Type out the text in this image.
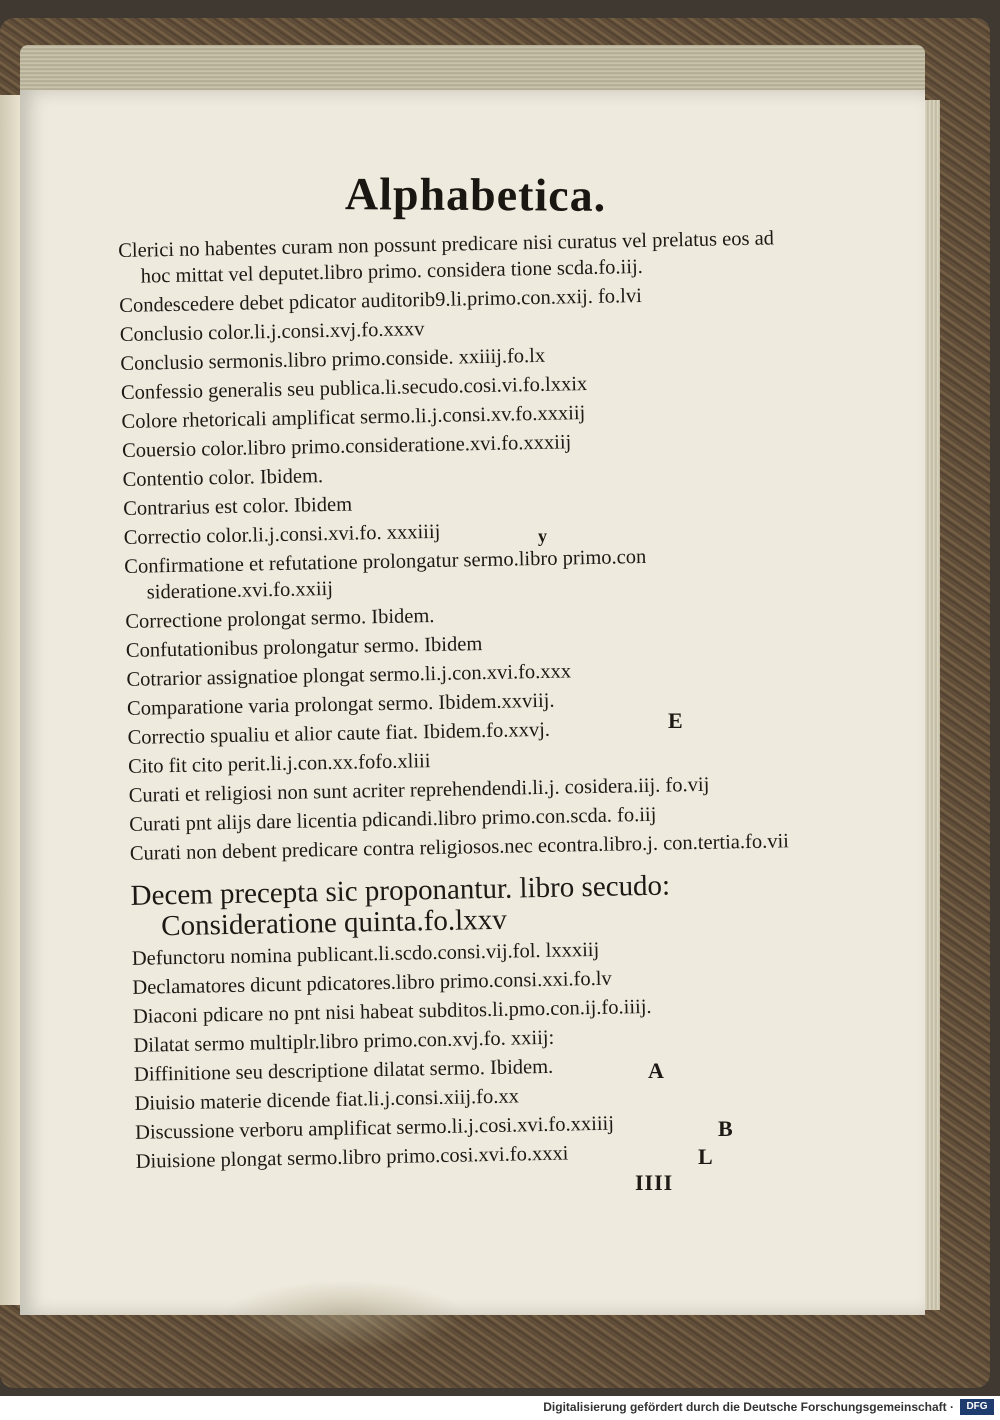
Alphabetica.
Clerici no habentes curam non possunt predicare nisi curatus vel prelatus eos ad hoc mittat vel deputet.libro primo. considera tione scda.fo.iij.
Condescedere debet pdicator auditorib9.li.primo.con.xxij. fo.lvi
Conclusio color.li.j.consi.xvj.fo.xxxv
Conclusio sermonis.libro primo.conside. xxiiij.fo.lx
Confessio generalis seu publica.li.secudo.cosi.vi.fo.lxxix
Colore rhetoricali amplificat sermo.li.j.consi.xv.fo.xxxiij
Couersio color.libro primo.consideratione.xvi.fo.xxxiij
Contentio color. Ibidem.
Contrarius est color. Ibidem
Correctio color.li.j.consi.xvi.fo. xxxiiij
Confirmatione et refutatione prolongatur sermo.libro primo.con sideratione.xvi.fo.xxiij
Correctione prolongat sermo. Ibidem.
Confutationibus prolongatur sermo. Ibidem
Cotrarior assignatioe plongat sermo.li.j.con.xvi.fo.xxx
Comparatione varia prolongat sermo. Ibidem.xxviij.
Correctio spualiu et alior caute fiat. Ibidem.fo.xxvj.
Cito fit cito perit.li.j.con.xx.fofo.xliii
Curati et religiosi non sunt acriter reprehendendi.li.j. cosidera.iij. fo.vij
Curati pnt alijs dare licentia pdicandi.libro primo.con.scda. fo.iij
Curati non debent predicare contra religiosos.nec econtra.libro.j. con.tertia.fo.vii
Decem precepta sic proponantur. libro secudo: Consideratione quinta.fo.lxxv
Defunctoru nomina publicant.li.scdo.consi.vij.fol. lxxxiij
Declamatores dicunt pdicatores.libro primo.consi.xxi.fo.lv
Diaconi pdicare no pnt nisi habeat subditos.li.pmo.con.ij.fo.iiij.
Dilatat sermo multiplr.libro primo.con.xvj.fo. xxiij:
Diffinitione seu descriptione dilatat sermo. Ibidem.
Diuisio materie dicende fiat.li.j.consi.xiij.fo.xx
Discussione verboru amplificat sermo.li.j.cosi.xvi.fo.xxiiij
Diuisione plongat sermo.libro primo.cosi.xvi.fo.xxxi
y
E
A
B
L
IIII
Digitalisierung gefördert durch die Deutsche Forschungsgemeinschaft ·	DFG
